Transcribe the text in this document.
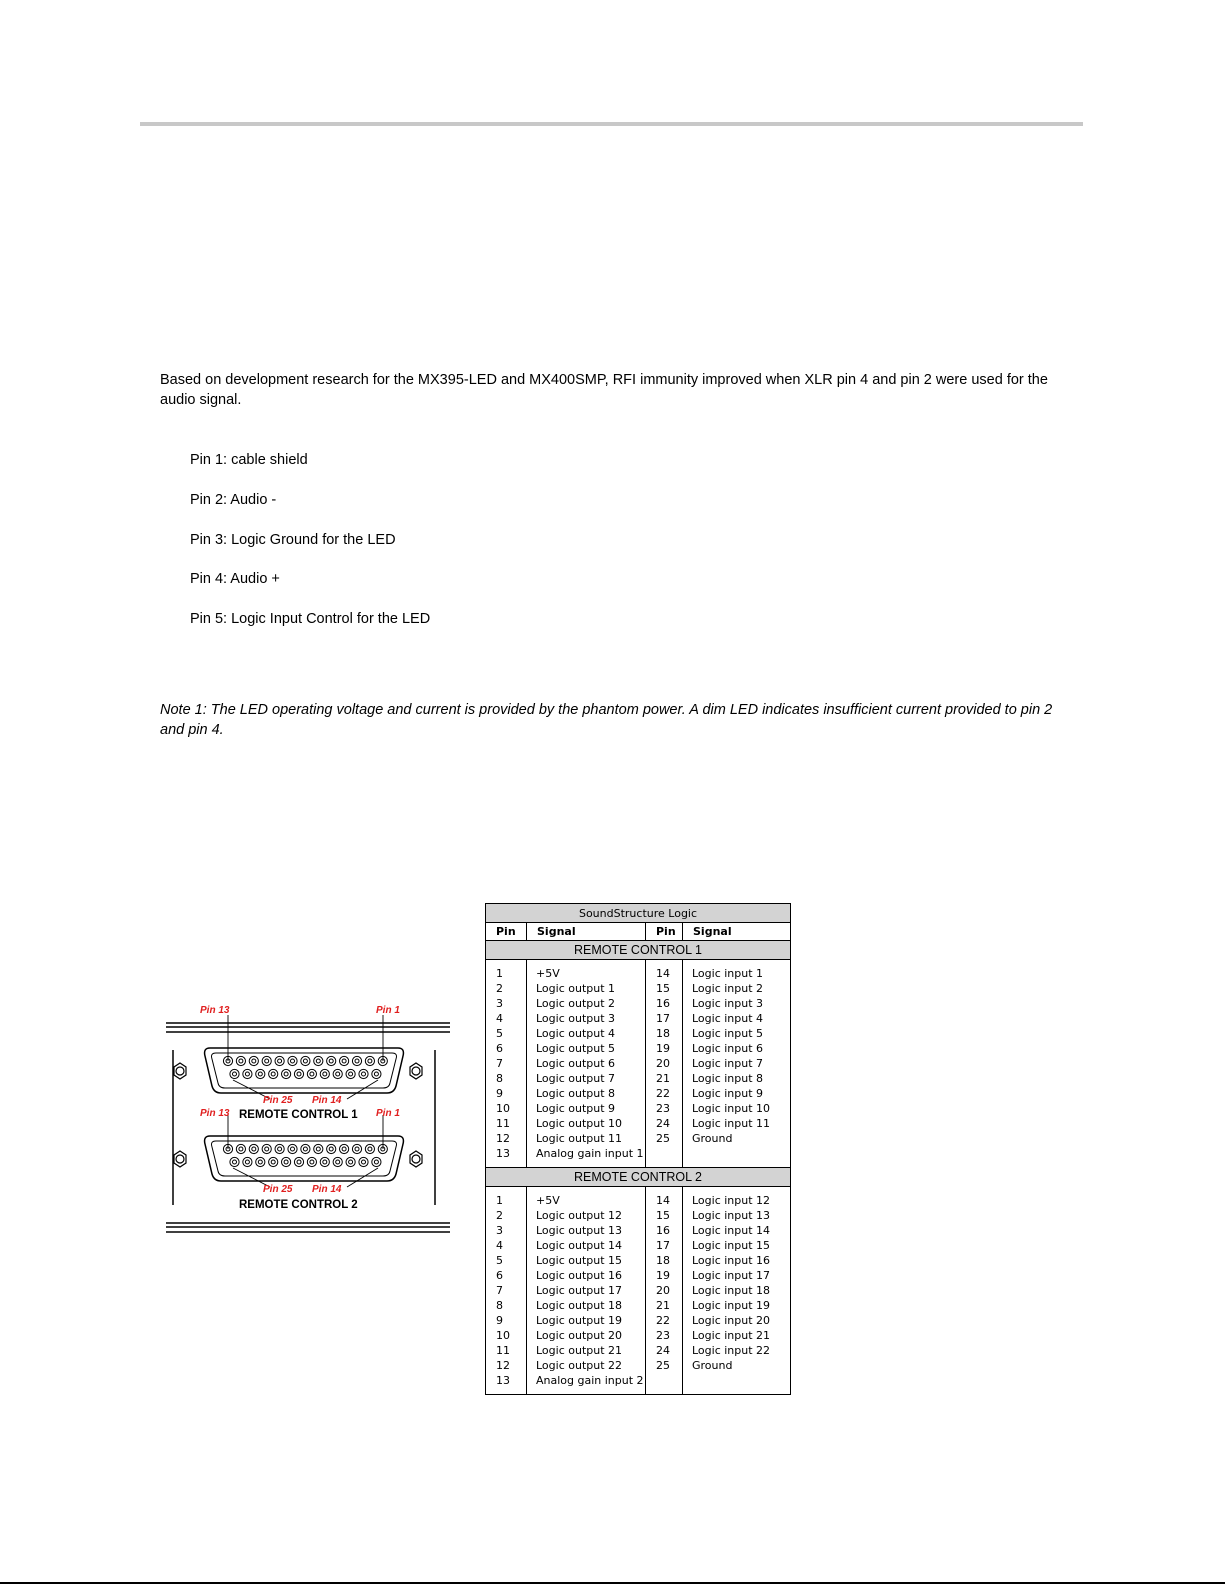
Based on development research for the MX395-LED and MX400SMP, RFI immunity improved when XLR pin 4 and pin 2 were used for the audio signal.

Pin 1: cable shield
Pin 2: Audio -
Pin 3: Logic Ground for the LED
Pin 4: Audio +
Pin 5: Logic Input Control for the LED

Note 1: The LED operating voltage and current is provided by the phantom power. A dim LED indicates insufficient current provided to pin 2 and pin 4.

Pin 13	Pin 1
Pin 25 Pin 14
REMOTE CONTROL 1
Pin 13	Pin 1
Pin 25 Pin 14
REMOTE CONTROL 2
SoundStructure Logic			
Pin	Signal	Pin	Signal
REMOTE CONTROL 1			
1	+5V	14	Logic input 1
2	Logic output 1	15	Logic input 2
3	Logic output 2	16	Logic input 3
4	Logic output 3	17	Logic input 4
5	Logic output 4	18	Logic input 5
6	Logic output 5	19	Logic input 6
7	Logic output 6	20	Logic input 7
8	Logic output 7	21	Logic input 8
9	Logic output 8	22	Logic input 9
10	Logic output 9	23	Logic input 10
11	Logic output 10	24	Logic input 11
12	Logic output 11	25	Ground
13	Analog gain input 1		
REMOTE CONTROL 2			
1	+5V	14	Logic input 12
2	Logic output 12	15	Logic input 13
3	Logic output 13	16	Logic input 14
4	Logic output 14	17	Logic input 15
5	Logic output 15	18	Logic input 16
6	Logic output 16	19	Logic input 17
7	Logic output 17	20	Logic input 18
8	Logic output 18	21	Logic input 19
9	Logic output 19	22	Logic input 20
10	Logic output 20	23	Logic input 21
11	Logic output 21	24	Logic input 22
12	Logic output 22	25	Ground
13	Analog gain input 2		
